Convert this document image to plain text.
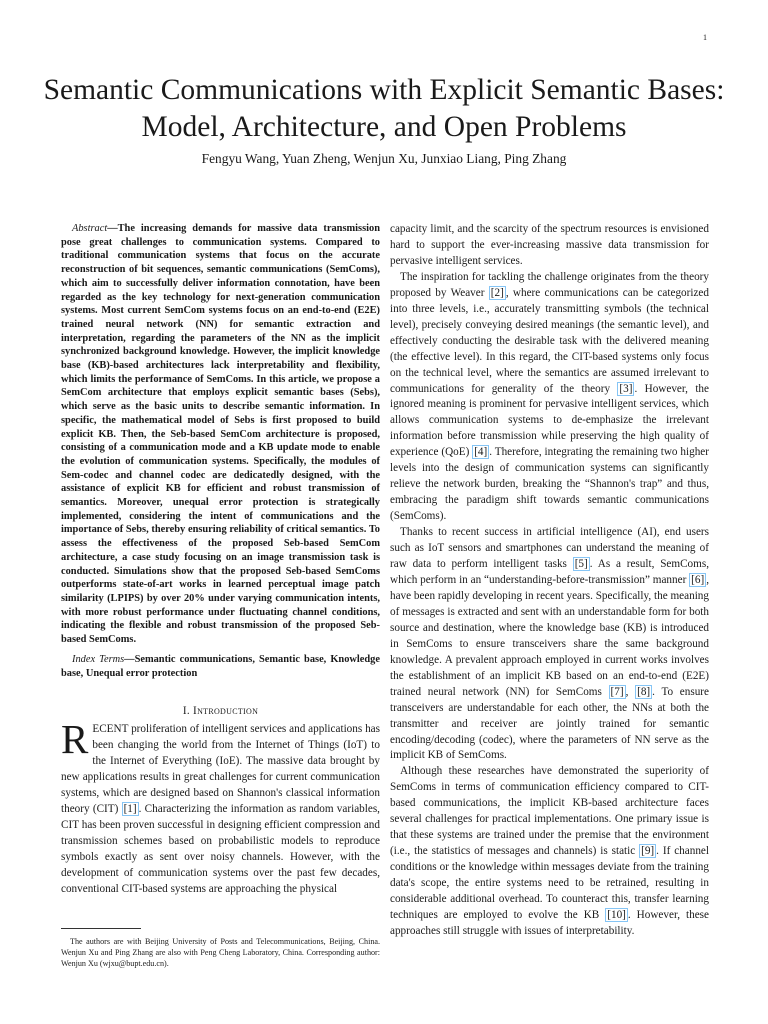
1
Semantic Communications with Explicit Semantic Bases: Model, Architecture, and Open Problems

Fengyu Wang, Yuan Zheng, Wenjun Xu, Junxiao Liang, Ping Zhang

Abstract—The increasing demands for massive data transmission pose great challenges to communication systems. Compared to traditional communication systems that focus on the accurate reconstruction of bit sequences, semantic communications (SemComs), which aim to successfully deliver information connotation, have been regarded as the key technology for next-generation communication systems. Most current SemCom systems focus on an end-to-end (E2E) trained neural network (NN) for semantic extraction and interpretation, regarding the parameters of the NN as the implicit synchronized background knowledge. However, the implicit knowledge base (KB)-based architectures lack interpretability and flexibility, which limits the performance of SemComs. In this article, we propose a SemCom architecture that employs explicit semantic bases (Sebs), which serve as the basic units to describe semantic information. In specific, the mathematical model of Sebs is first proposed to build explicit KB. Then, the Seb-based SemCom architecture is proposed, consisting of a communication mode and a KB update mode to enable the evolution of communication systems. Specifically, the modules of Sem-codec and channel codec are dedicatedly designed, with the assistance of explicit KB for efficient and robust transmission of semantics. Moreover, unequal error protection is strategically implemented, considering the intent of communications and the importance of Sebs, thereby ensuring reliability of critical semantics. To assess the effectiveness of the proposed Seb-based SemCom architecture, a case study focusing on an image transmission task is conducted. Simulations show that the proposed Seb-based SemComs outperforms state-of-art works in learned perceptual image patch similarity (LPIPS) by over 20% under varying communication intents, with more robust performance under fluctuating channel conditions, indicating the flexible and robust transmission of the proposed Seb-based SemComs.

Index Terms—Semantic communications, Semantic base, Knowledge base, Unequal error protection

I. Introduction

RECENT proliferation of intelligent services and applications has been changing the world from the Internet of Things (IoT) to the Internet of Everything (IoE). The massive data brought by new applications results in great challenges for current communication systems, which are designed based on Shannon's classical information theory (CIT) [1] . Characterizing the information as random variables, CIT has been proven successful in designing efficient compression and transmission schemes based on probabilistic models to reproduce symbols exactly as sent over noisy channels. However, with the development of communication systems over the past few decades, conventional CIT-based systems are approaching the physical

capacity limit, and the scarcity of the spectrum resources is envisioned hard to support the ever-increasing massive data transmission for pervasive intelligent services.

The inspiration for tackling the challenge originates from the theory proposed by Weaver [2] , where communications can be categorized into three levels, i.e., accurately transmitting symbols (the technical level), precisely conveying desired meanings (the semantic level), and effectively conducting the desirable task with the delivered meaning (the effective level). In this regard, the CIT-based systems only focus on the technical level, where the semantics are assumed irrelevant to communications for generality of the theory [3] . However, the ignored meaning is prominent for pervasive intelligent services, which allows communication systems to de-emphasize the irrelevant information before transmission while preserving the high quality of experience (QoE) [4] . Therefore, integrating the remaining two higher levels into the design of communication systems can significantly relieve the network burden, breaking the “Shannon's trap” and thus, embracing the paradigm shift towards semantic communications (SemComs).

Thanks to recent success in artificial intelligence (AI), end users such as IoT sensors and smartphones can understand the meaning of raw data to perform intelligent tasks [5] . As a result, SemComs, which perform in an “understanding-before-transmission” manner [6] , have been rapidly developing in recent years. Specifically, the meaning of messages is extracted and sent with an understandable form for both source and destination, where the knowledge base (KB) is introduced in SemComs to ensure transceivers share the same background knowledge. A prevalent approach employed in current works involves the establishment of an implicit KB based on an end-to-end (E2E) trained neural network (NN) for SemComs [7] , [8] . To ensure transceivers are understandable for each other, the NNs at both the transmitter and receiver are jointly trained for semantic encoding/decoding (codec), where the parameters of NN serve as the implicit KB of SemComs.

Although these researches have demonstrated the superiority of SemComs in terms of communication efficiency compared to CIT-based communications, the implicit KB-based architecture faces several challenges for practical implementations. One primary issue is that these systems are trained under the premise that the environment (i.e., the statistics of messages and channels) is static [9] . If channel conditions or the knowledge within messages deviate from the training data's scope, the entire systems need to be retrained, resulting in considerable additional overhead. To counteract this, transfer learning techniques are employed to evolve the KB [10] . However, these approaches still struggle with issues of interpretability.

The authors are with Beijing University of Posts and Telecommunications, Beijing, China. Wenjun Xu and Ping Zhang are also with Peng Cheng Laboratory, China. Corresponding author: Wenjun Xu (wjxu@bupt.edu.cn).
